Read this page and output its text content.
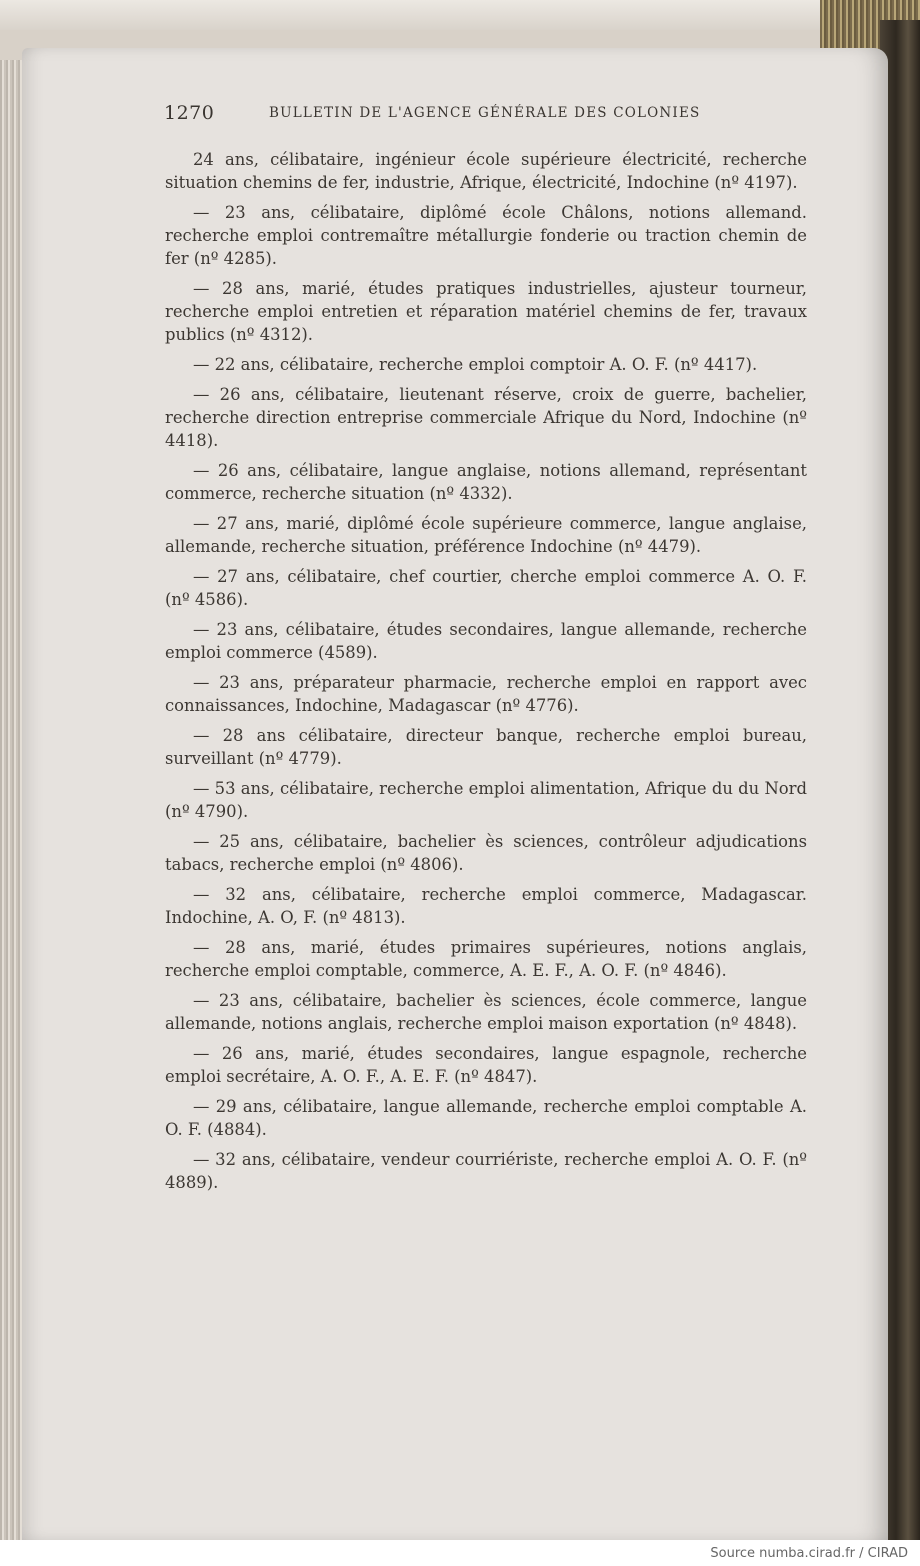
1270	BULLETIN DE L'AGENCE GÉNÉRALE DES COLONIES

24 ans, célibataire, ingénieur école supérieure électricité, recherche situation chemins de fer, industrie, Afrique, électricité, Indochine (nº 4197).

— 23 ans, célibataire, diplômé école Châlons, notions allemand. recherche emploi contremaître métallurgie fonderie ou traction chemin de fer (nº 4285).

— 28 ans, marié, études pratiques industrielles, ajusteur tourneur, recherche emploi entretien et réparation matériel chemins de fer, travaux publics (nº 4312).

— 22 ans, célibataire, recherche emploi comptoir A. O. F. (nº 4417).

— 26 ans, célibataire, lieutenant réserve, croix de guerre, bachelier, recherche direction entreprise commerciale Afrique du Nord, Indochine (nº 4418).

— 26 ans, célibataire, langue anglaise, notions allemand, représentant commerce, recherche situation (nº 4332).

— 27 ans, marié, diplômé école supérieure commerce, langue anglaise, allemande, recherche situation, préférence Indochine (nº 4479).

— 27 ans, célibataire, chef courtier, cherche emploi commerce A. O. F. (nº 4586).

— 23 ans, célibataire, études secondaires, langue allemande, recherche emploi commerce (4589).

— 23 ans, préparateur pharmacie, recherche emploi en rapport avec connaissances, Indochine, Madagascar (nº 4776).

— 28 ans célibataire, directeur banque, recherche emploi bureau, surveillant (nº 4779).

— 53 ans, célibataire, recherche emploi alimentation, Afrique du du Nord (nº 4790).

— 25 ans, célibataire, bachelier ès sciences, contrôleur adjudications tabacs, recherche emploi (nº 4806).

— 32 ans, célibataire, recherche emploi commerce, Madagascar. Indochine, A. O, F. (nº 4813).

— 28 ans, marié, études primaires supérieures, notions anglais, recherche emploi comptable, commerce, A. E. F., A. O. F. (nº 4846).

— 23 ans, célibataire, bachelier ès sciences, école commerce, langue allemande, notions anglais, recherche emploi maison exportation (nº 4848).

— 26 ans, marié, études secondaires, langue espagnole, recherche emploi secrétaire, A. O. F., A. E. F. (nº 4847).

— 29 ans, célibataire, langue allemande, recherche emploi comptable A. O. F. (4884).

— 32 ans, célibataire, vendeur courriériste, recherche emploi A. O. F. (nº 4889).

Source numba.cirad.fr / CIRAD
